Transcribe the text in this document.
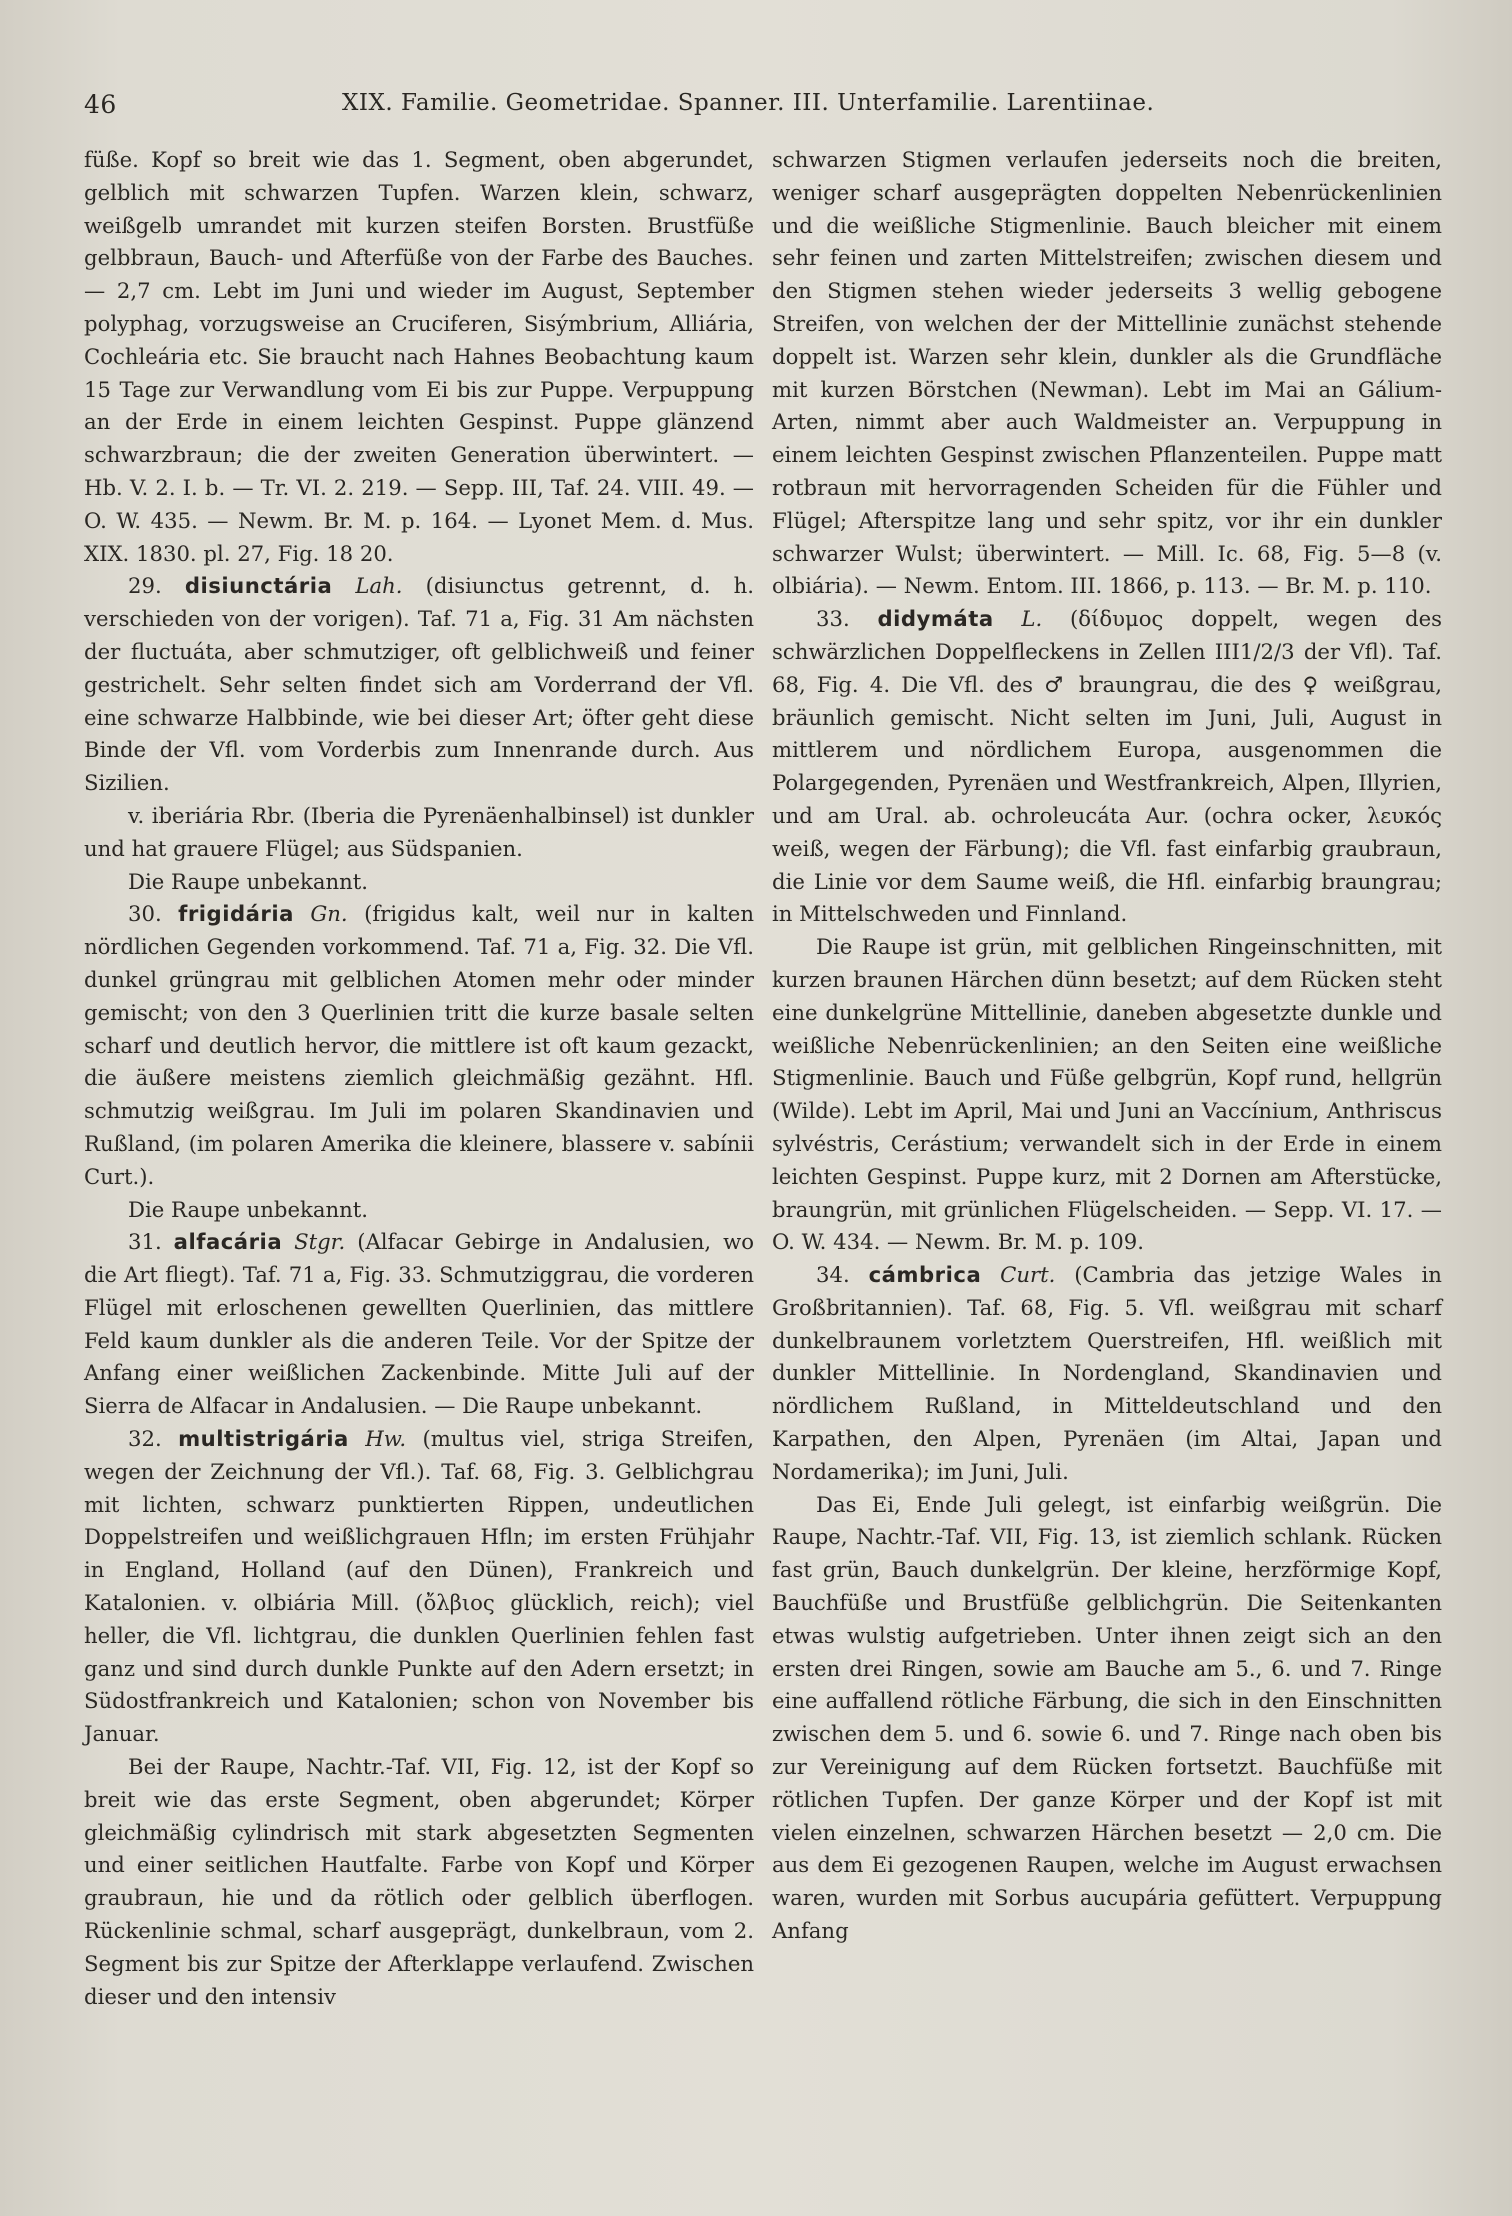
46	XIX. Familie. Geometridae. Spanner. III. Unterfamilie. Larentiinae.

füße. Kopf so breit wie das 1. Segment, oben abgerundet, gelblich mit schwarzen Tupfen. Warzen klein, schwarz, weißgelb umrandet mit kurzen steifen Borsten. Brustfüße gelbbraun, Bauch- und Afterfüße von der Farbe des Bauches. — 2,7 cm. Lebt im Juni und wieder im August, September polyphag, vorzugsweise an Cruciferen, Sisýmbrium, Alliária, Cochleária etc. Sie braucht nach Hahnes Beobachtung kaum 15 Tage zur Verwandlung vom Ei bis zur Puppe. Verpuppung an der Erde in einem leichten Gespinst. Puppe glänzend schwarzbraun; die der zweiten Generation überwintert. — Hb. V. 2. I. b. — Tr. VI. 2. 219. — Sepp. III, Taf. 24. VIII. 49. — O. W. 435. — Newm. Br. M. p. 164. — Lyonet Mem. d. Mus. XIX. 1830. pl. 27, Fig. 18 20.

29. disiunctária Lah. (disiunctus getrennt, d. h. verschieden von der vorigen). Taf. 71 a, Fig. 31 Am nächsten der fluctuáta, aber schmutziger, oft gelblichweiß und feiner gestrichelt. Sehr selten findet sich am Vorderrand der Vfl. eine schwarze Halbbinde, wie bei dieser Art; öfter geht diese Binde der Vfl. vom Vorderbis zum Innenrande durch. Aus Sizilien.

v. iberiária Rbr. (Iberia die Pyrenäenhalbinsel) ist dunkler und hat grauere Flügel; aus Südspanien.

Die Raupe unbekannt.

30. frigidária Gn. (frigidus kalt, weil nur in kalten nördlichen Gegenden vorkommend. Taf. 71 a, Fig. 32. Die Vfl. dunkel grüngrau mit gelblichen Atomen mehr oder minder gemischt; von den 3 Querlinien tritt die kurze basale selten scharf und deutlich hervor, die mittlere ist oft kaum gezackt, die äußere meistens ziemlich gleichmäßig gezähnt. Hfl. schmutzig weißgrau. Im Juli im polaren Skandinavien und Rußland, (im polaren Amerika die kleinere, blassere v. sabínii Curt.).

Die Raupe unbekannt.

31. alfacária Stgr. (Alfacar Gebirge in Andalusien, wo die Art fliegt). Taf. 71 a, Fig. 33. Schmutziggrau, die vorderen Flügel mit erloschenen gewellten Querlinien, das mittlere Feld kaum dunkler als die anderen Teile. Vor der Spitze der Anfang einer weißlichen Zackenbinde. Mitte Juli auf der Sierra de Alfacar in Andalusien. — Die Raupe unbekannt.

32. multistrigária Hw. (multus viel, striga Streifen, wegen der Zeichnung der Vfl.). Taf. 68, Fig. 3. Gelblichgrau mit lichten, schwarz punktierten Rippen, undeutlichen Doppelstreifen und weißlichgrauen Hfln; im ersten Frühjahr in England, Holland (auf den Dünen), Frankreich und Katalonien. v. olbiária Mill. (ὄλβιος glücklich, reich); viel heller, die Vfl. lichtgrau, die dunklen Querlinien fehlen fast ganz und sind durch dunkle Punkte auf den Adern ersetzt; in Südostfrankreich und Katalonien; schon von November bis Januar.

Bei der Raupe, Nachtr.-Taf. VII, Fig. 12, ist der Kopf so breit wie das erste Segment, oben abgerundet; Körper gleichmäßig cylindrisch mit stark abgesetzten Segmenten und einer seitlichen Hautfalte. Farbe von Kopf und Körper graubraun, hie und da rötlich oder gelblich überflogen. Rückenlinie schmal, scharf ausgeprägt, dunkelbraun, vom 2. Segment bis zur Spitze der Afterklappe verlaufend. Zwischen dieser und den intensiv

schwarzen Stigmen verlaufen jederseits noch die breiten, weniger scharf ausgeprägten doppelten Nebenrückenlinien und die weißliche Stigmenlinie. Bauch bleicher mit einem sehr feinen und zarten Mittelstreifen; zwischen diesem und den Stigmen stehen wieder jederseits 3 wellig gebogene Streifen, von welchen der der Mittellinie zunächst stehende doppelt ist. Warzen sehr klein, dunkler als die Grundfläche mit kurzen Börstchen (Newman). Lebt im Mai an Gálium-Arten, nimmt aber auch Waldmeister an. Verpuppung in einem leichten Gespinst zwischen Pflanzenteilen. Puppe matt rotbraun mit hervorragenden Scheiden für die Fühler und Flügel; Afterspitze lang und sehr spitz, vor ihr ein dunkler schwarzer Wulst; überwintert. — Mill. Ic. 68, Fig. 5—8 (v. olbiária). — Newm. Entom. III. 1866, p. 113. — Br. M. p. 110.

33. didymáta L. (δίδυμος doppelt, wegen des schwärzlichen Doppelfleckens in Zellen III1/2/3 der Vfl). Taf. 68, Fig. 4. Die Vfl. des ♂ braungrau, die des ♀ weißgrau, bräunlich gemischt. Nicht selten im Juni, Juli, August in mittlerem und nördlichem Europa, ausgenommen die Polargegenden, Pyrenäen und Westfrankreich, Alpen, Illyrien, und am Ural. ab. ochroleucáta Aur. (ochra ocker, λευκός weiß, wegen der Färbung); die Vfl. fast einfarbig graubraun, die Linie vor dem Saume weiß, die Hfl. einfarbig braungrau; in Mittelschweden und Finnland.

Die Raupe ist grün, mit gelblichen Ringeinschnitten, mit kurzen braunen Härchen dünn besetzt; auf dem Rücken steht eine dunkelgrüne Mittellinie, daneben abgesetzte dunkle und weißliche Nebenrückenlinien; an den Seiten eine weißliche Stigmenlinie. Bauch und Füße gelbgrün, Kopf rund, hellgrün (Wilde). Lebt im April, Mai und Juni an Vaccínium, Anthriscus sylvéstris, Cerástium; verwandelt sich in der Erde in einem leichten Gespinst. Puppe kurz, mit 2 Dornen am Afterstücke, braungrün, mit grünlichen Flügelscheiden. — Sepp. VI. 17. — O. W. 434. — Newm. Br. M. p. 109.

34. cámbrica Curt. (Cambria das jetzige Wales in Großbritannien). Taf. 68, Fig. 5. Vfl. weißgrau mit scharf dunkelbraunem vorletztem Querstreifen, Hfl. weißlich mit dunkler Mittellinie. In Nordengland, Skandinavien und nördlichem Rußland, in Mitteldeutschland und den Karpathen, den Alpen, Pyrenäen (im Altai, Japan und Nordamerika); im Juni, Juli.

Das Ei, Ende Juli gelegt, ist einfarbig weißgrün. Die Raupe, Nachtr.-Taf. VII, Fig. 13, ist ziemlich schlank. Rücken fast grün, Bauch dunkelgrün. Der kleine, herzförmige Kopf, Bauchfüße und Brustfüße gelblichgrün. Die Seitenkanten etwas wulstig aufgetrieben. Unter ihnen zeigt sich an den ersten drei Ringen, sowie am Bauche am 5., 6. und 7. Ringe eine auffallend rötliche Färbung, die sich in den Einschnitten zwischen dem 5. und 6. sowie 6. und 7. Ringe nach oben bis zur Vereinigung auf dem Rücken fortsetzt. Bauchfüße mit rötlichen Tupfen. Der ganze Körper und der Kopf ist mit vielen einzelnen, schwarzen Härchen besetzt — 2,0 cm. Die aus dem Ei gezogenen Raupen, welche im August erwachsen waren, wurden mit Sorbus aucupária gefüttert. Verpuppung Anfang
